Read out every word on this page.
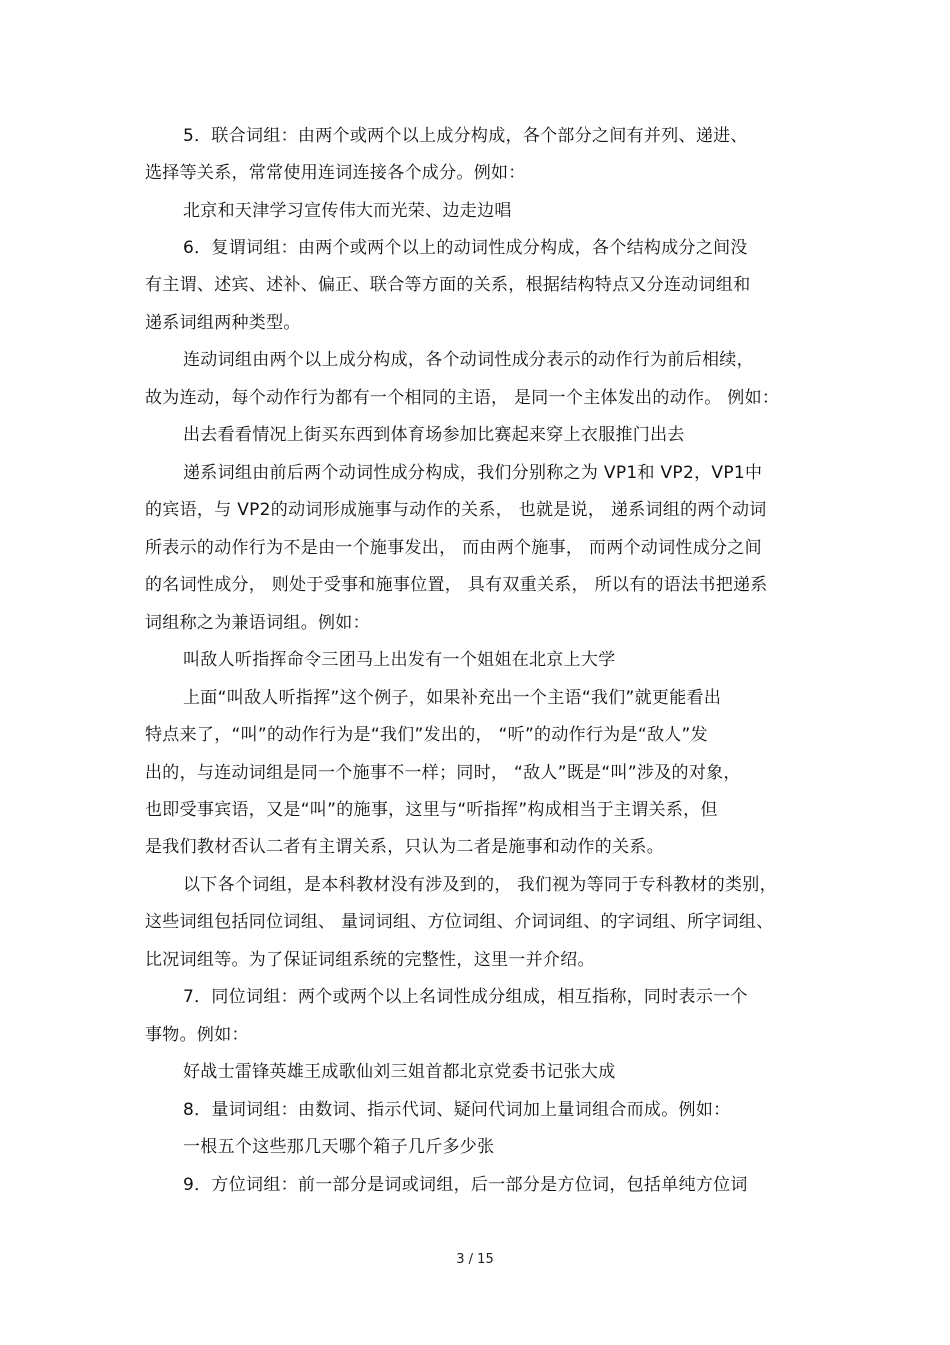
5．联合词组：由两个或两个以上成分构成，各个部分之间有并列、递进、
选择等关系，常常使用连词连接各个成分。例如：
北京和天津学习宣传伟大而光荣、边走边唱
6．复谓词组：由两个或两个以上的动词性成分构成，各个结构成分之间没
有主谓、述宾、述补、偏正、联合等方面的关系，根据结构特点又分连动词组和
递系词组两种类型。
连动词组由两个以上成分构成，各个动词性成分表示的动作行为前后相续，
故为连动，每个动作行为都有一个相同的主语， 是同一个主体发出的动作。 例如：
出去看看情况上街买东西到体育场参加比赛起来穿上衣服推门出去
递系词组由前后两个动词性成分构成，我们分别称之为 VP1和 VP2，VP1中
的宾语，与 VP2的动词形成施事与动作的关系， 也就是说， 递系词组的两个动词
所表示的动作行为不是由一个施事发出， 而由两个施事， 而两个动词性成分之间
的名词性成分， 则处于受事和施事位置， 具有双重关系， 所以有的语法书把递系
词组称之为兼语词组。例如：
叫敌人听指挥命令三团马上出发有一个姐姐在北京上大学
上面“叫敌人听指挥”这个例子，如果补充出一个主语“我们”就更能看出
特点来了，“叫”的动作行为是“我们”发出的， “听”的动作行为是“敌人”发
出的，与连动词组是同一个施事不一样；同时， “敌人”既是“叫”涉及的对象，
也即受事宾语，又是“叫”的施事，这里与“听指挥”构成相当于主谓关系，但
是我们教材否认二者有主谓关系，只认为二者是施事和动作的关系。
以下各个词组，是本科教材没有涉及到的， 我们视为等同于专科教材的类别，
这些词组包括同位词组、 量词词组、方位词组、介词词组、的字词组、所字词组、
比况词组等。为了保证词组系统的完整性，这里一并介绍。
7．同位词组：两个或两个以上名词性成分组成，相互指称，同时表示一个
事物。例如：
好战士雷锋英雄王成歌仙刘三姐首都北京党委书记张大成
8．量词词组：由数词、指示代词、疑问代词加上量词组合而成。例如：
一根五个这些那几天哪个箱子几斤多少张
9．方位词组：前一部分是词或词组，后一部分是方位词，包括单纯方位词
3 / 15
